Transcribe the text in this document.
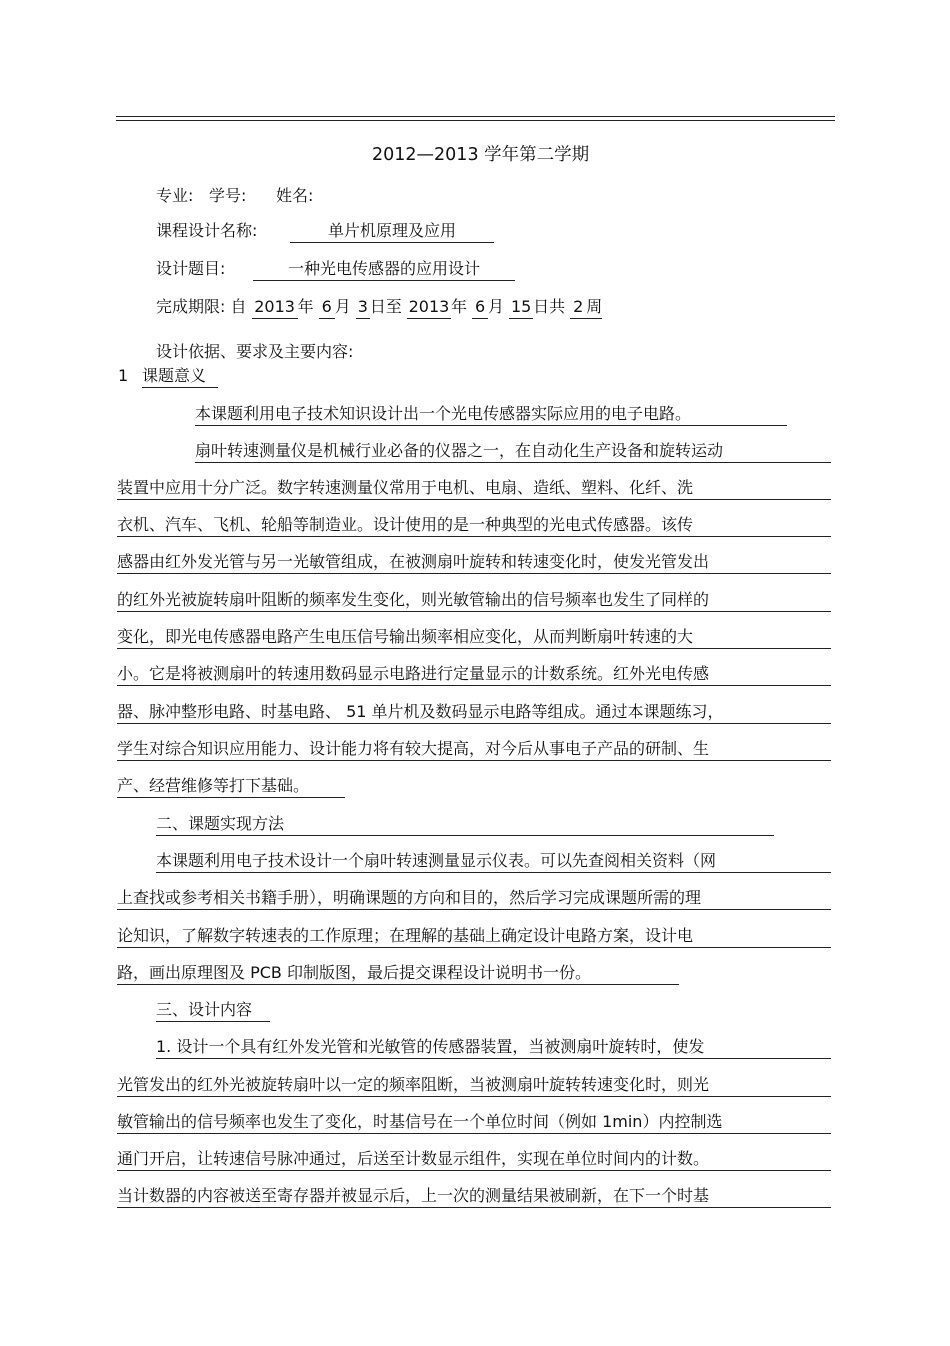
2012—2013 学年第二学期
专业: 学号: 姓名:
课程设计名称:	单片机原理及应用
设计题目:	一种光电传感器的应用设计
完成期限: 自 2013 年 6 月 3 日至 2013 年 6 月 15 日共 2 周
设计依据、要求及主要内容:
1 课题意义
本课题利用电子技术知识设计出一个光电传感器实际应用的电子电路。
扇叶转速测量仪是机械行业必备的仪器之一，在自动化生产设备和旋转运动
装置中应用十分广泛。数字转速测量仪常用于电机、电扇、造纸、塑料、化纤、洗
衣机、汽车、飞机、轮船等制造业。设计使用的是一种典型的光电式传感器。该传
感器由红外发光管与另一光敏管组成，在被测扇叶旋转和转速变化时，使发光管发出
的红外光被旋转扇叶阻断的频率发生变化，则光敏管输出的信号频率也发生了同样的
变化，即光电传感器电路产生电压信号输出频率相应变化，从而判断扇叶转速的大
小。它是将被测扇叶的转速用数码显示电路进行定量显示的计数系统。红外光电传感
器、脉冲整形电路、时基电路、 51 单片机及数码显示电路等组成。通过本课题练习，
学生对综合知识应用能力、设计能力将有较大提高，对今后从事电子产品的研制、生
产、经营维修等打下基础。
二、课题实现方法
本课题利用电子技术设计一个扇叶转速测量显示仪表。可以先查阅相关资料（网
上查找或参考相关书籍手册），明确课题的方向和目的，然后学习完成课题所需的理
论知识，了解数字转速表的工作原理；在理解的基础上确定设计电路方案，设计电
路，画出原理图及 PCB 印制版图，最后提交课程设计说明书一份。
三、设计内容
1. 设计一个具有红外发光管和光敏管的传感器装置，当被测扇叶旋转时，使发
光管发出的红外光被旋转扇叶以一定的频率阻断，当被测扇叶旋转转速变化时，则光
敏管输出的信号频率也发生了变化，时基信号在一个单位时间（例如 1min）内控制选
通门开启，让转速信号脉冲通过，后送至计数显示组件，实现在单位时间内的计数。
当计数器的内容被送至寄存器并被显示后，上一次的测量结果被刷新，在下一个时基
